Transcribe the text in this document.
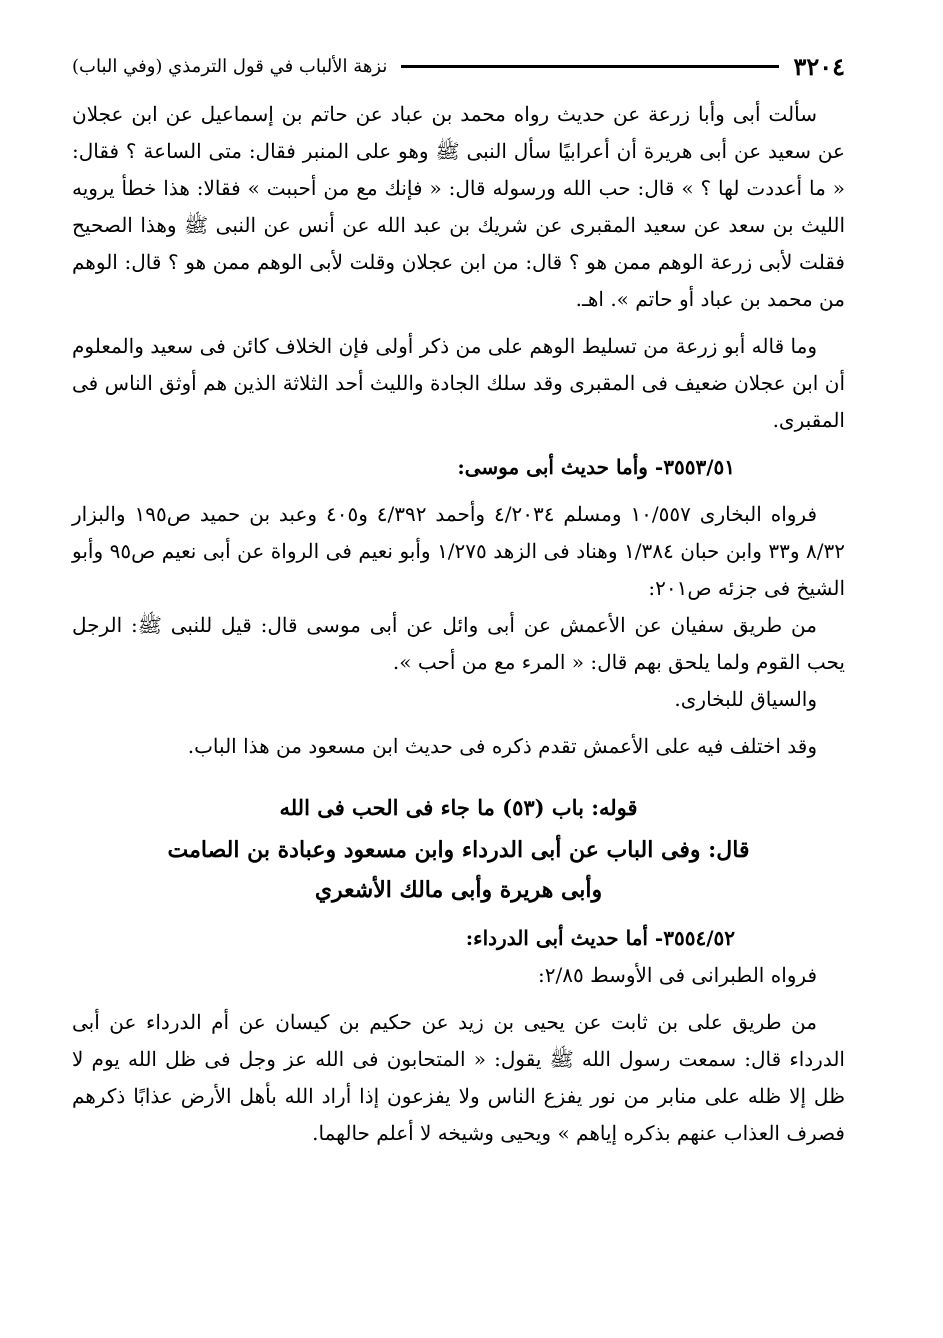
٣٢٠٤
نزهة الألباب في قول الترمذي (وفي الباب)

سألت أبى وأبا زرعة عن حديث رواه محمد بن عباد عن حاتم بن إسماعيل عن ابن عجلان عن سعيد عن أبى هريرة أن أعرابيًا سأل النبى ﷺ وهو على المنبر فقال: متى الساعة ؟ فقال: « ما أعددت لها ؟ » قال: حب الله ورسوله قال: « فإنك مع من أحببت » فقالا: هذا خطأ يرويه الليث بن سعد عن سعيد المقبرى عن شريك بن عبد الله عن أنس عن النبى ﷺ وهذا الصحيح فقلت لأبى زرعة الوهم ممن هو ؟ قال: من ابن عجلان وقلت لأبى الوهم ممن هو ؟ قال: الوهم من محمد بن عباد أو حاتم ». اهـ.

وما قاله أبو زرعة من تسليط الوهم على من ذكر أولى فإن الخلاف كائن فى سعيد والمعلوم أن ابن عجلان ضعيف فى المقبرى وقد سلك الجادة والليث أحد الثلاثة الذين هم أوثق الناس فى المقبرى.

٣٥٥٣/٥١- وأما حديث أبى موسى:

فرواه البخارى ١٠/٥٥٧ ومسلم ٤/٢٠٣٤ وأحمد ٤/٣٩٢ و٤٠٥ وعبد بن حميد ص١٩٥ والبزار ٨/٣٢ و٣٣ وابن حبان ١/٣٨٤ وهناد فى الزهد ١/٢٧٥ وأبو نعيم فى الرواة عن أبى نعيم ص٩٥ وأبو الشيخ فى جزئه ص٢٠١:

من طريق سفيان عن الأعمش عن أبى وائل عن أبى موسى قال: قيل للنبى ﷺ: الرجل يحب القوم ولما يلحق بهم قال: « المرء مع من أحب ».

والسياق للبخارى.

وقد اختلف فيه على الأعمش تقدم ذكره فى حديث ابن مسعود من هذا الباب.

قوله: باب (٥٣) ما جاء فى الحب فى الله

قال: وفى الباب عن أبى الدرداء وابن مسعود وعبادة بن الصامت

وأبى هريرة وأبى مالك الأشعري

٣٥٥٤/٥٢- أما حديث أبى الدرداء:

فرواه الطبرانى فى الأوسط ٢/٨٥:

من طريق على بن ثابت عن يحيى بن زيد عن حكيم بن كيسان عن أم الدرداء عن أبى الدرداء قال: سمعت رسول الله ﷺ يقول: « المتحابون فى الله عز وجل فى ظل الله يوم لا ظل إلا ظله على منابر من نور يفزع الناس ولا يفزعون إذا أراد الله بأهل الأرض عذابًا ذكرهم فصرف العذاب عنهم بذكره إياهم » ويحيى وشيخه لا أعلم حالهما.
